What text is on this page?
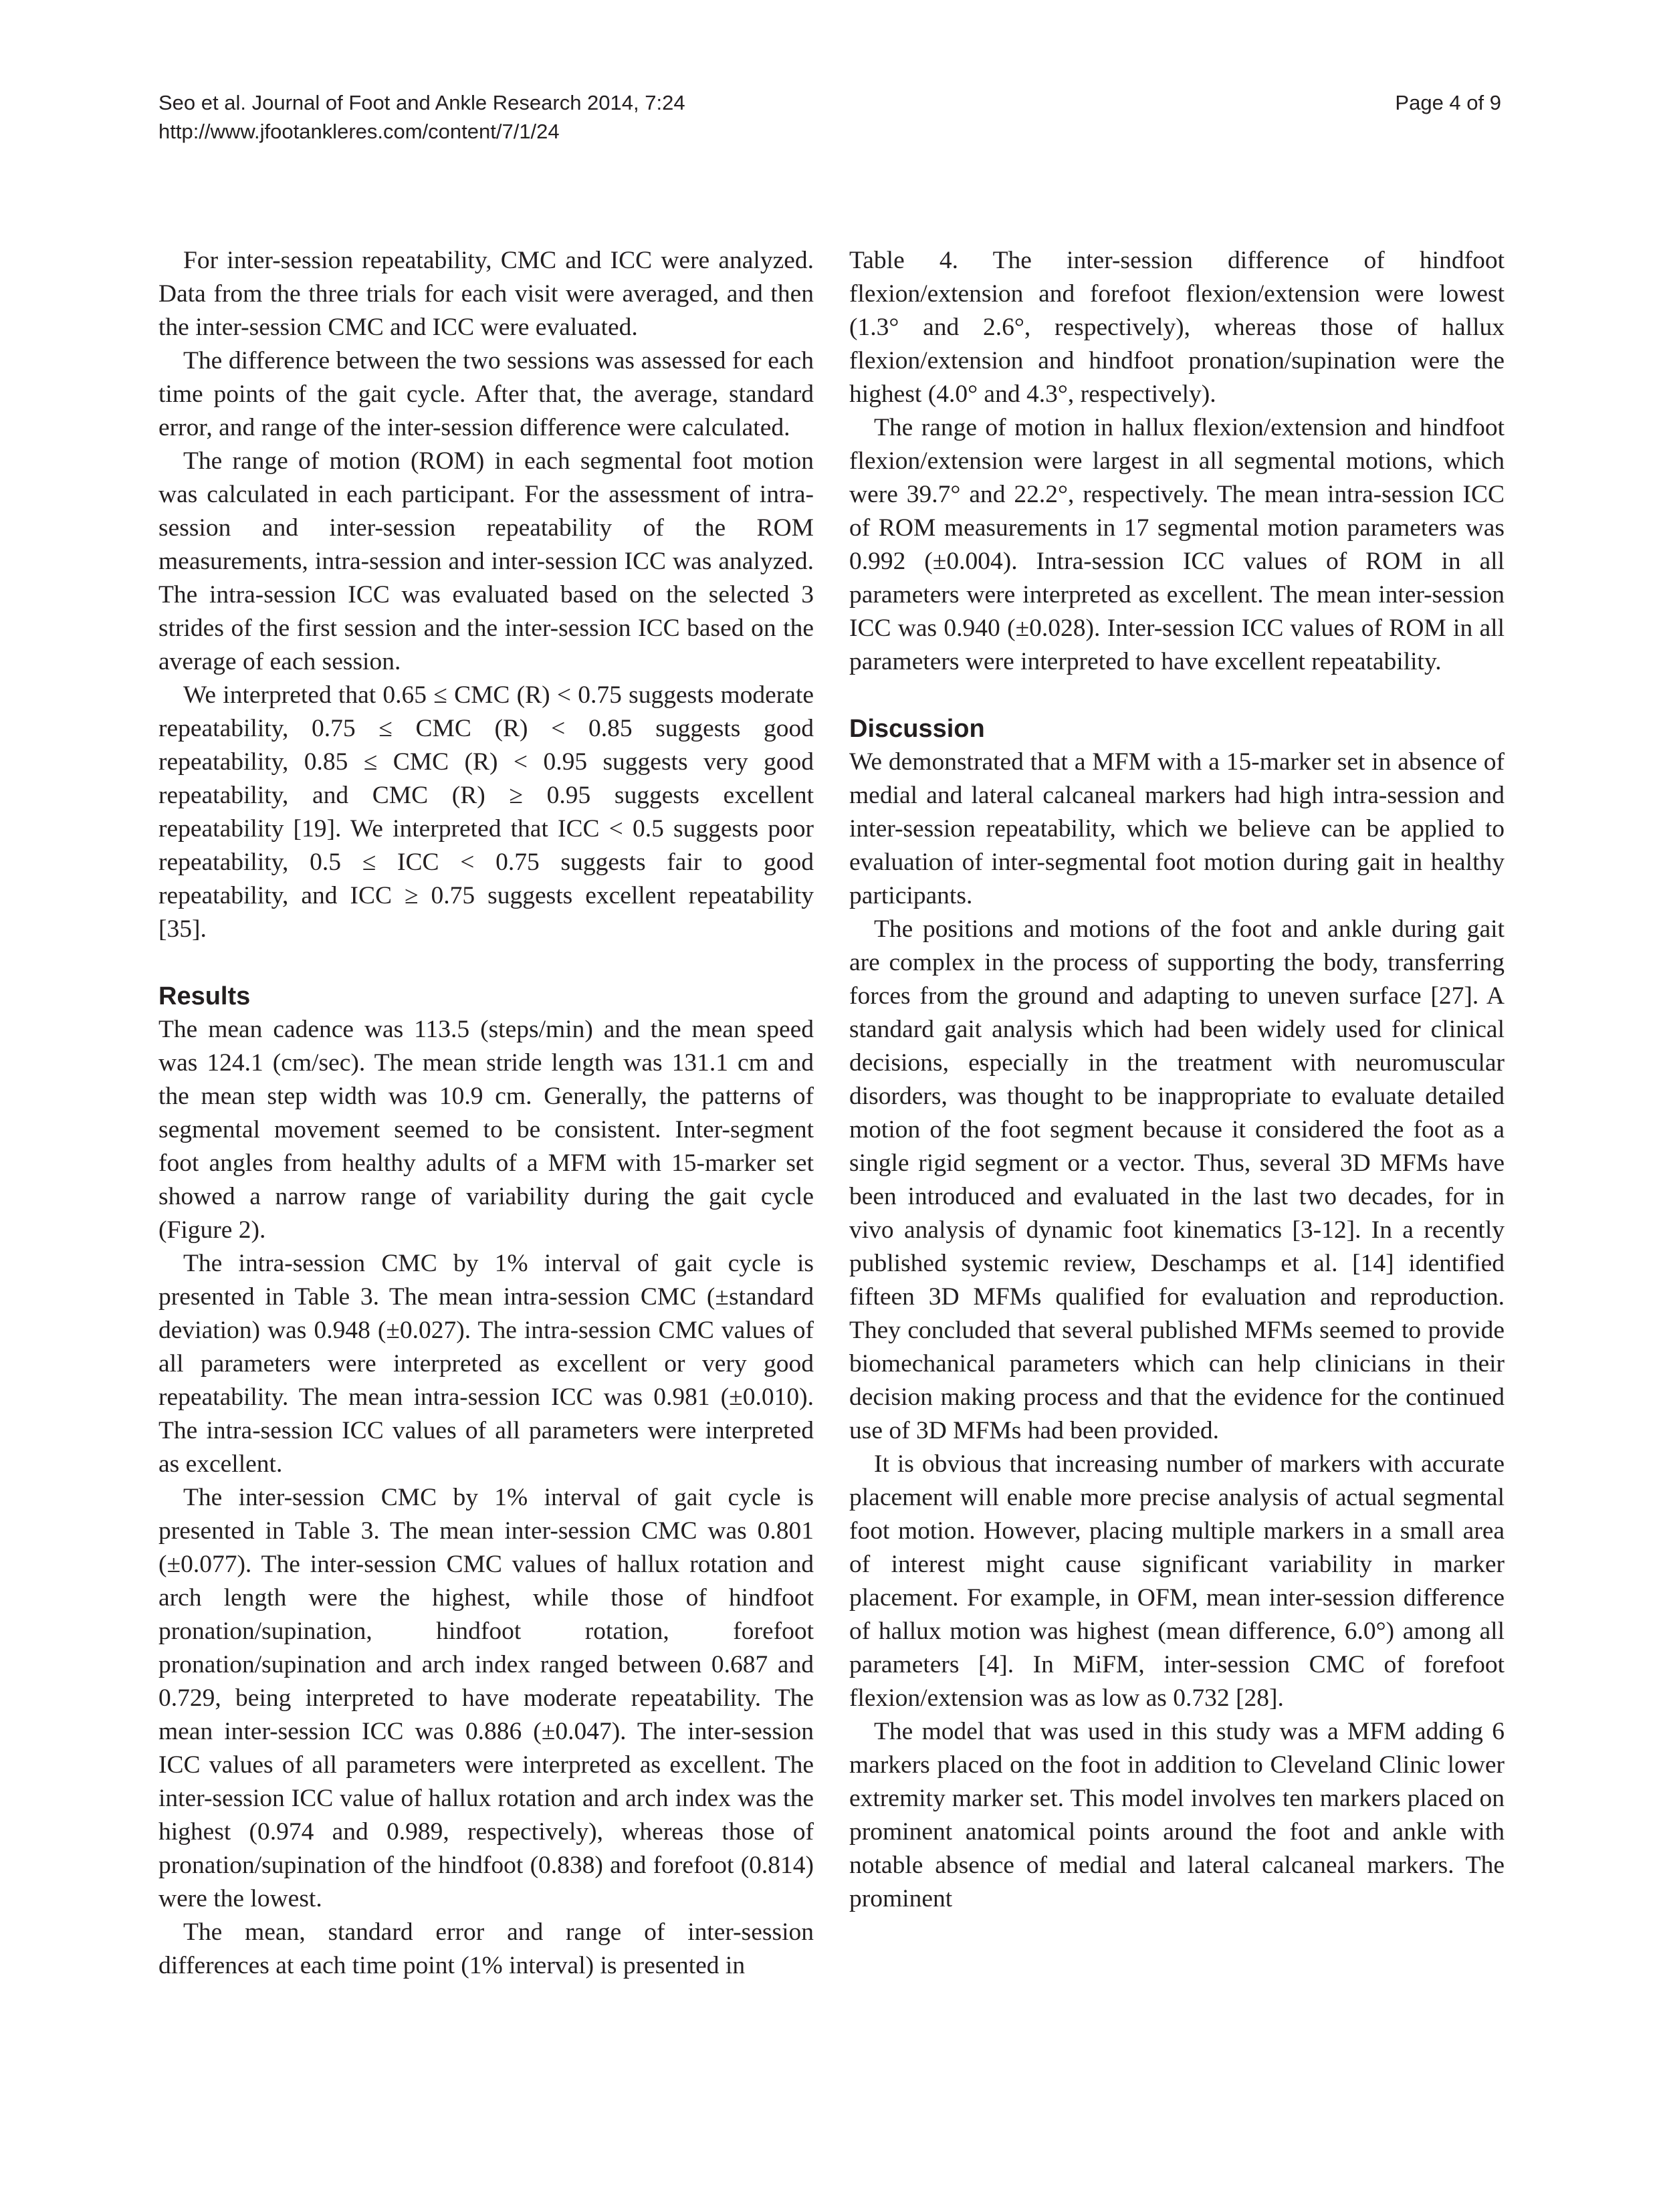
Seo et al. Journal of Foot and Ankle Research 2014, 7:24
http://www.jfootankleres.com/content/7/1/24
Page 4 of 9

For inter-session repeatability, CMC and ICC were analyzed. Data from the three trials for each visit were averaged, and then the inter-session CMC and ICC were evaluated.

The difference between the two sessions was assessed for each time points of the gait cycle. After that, the average, standard error, and range of the inter-session difference were calculated.

The range of motion (ROM) in each segmental foot motion was calculated in each participant. For the assessment of intra-session and inter-session repeatability of the ROM measurements, intra-session and inter-session ICC was analyzed. The intra-session ICC was evaluated based on the selected 3 strides of the first session and the inter-session ICC based on the average of each session.

We interpreted that 0.65 ≤ CMC (R) < 0.75 suggests moderate repeatability, 0.75 ≤ CMC (R) < 0.85 suggests good repeatability, 0.85 ≤ CMC (R) < 0.95 suggests very good repeatability, and CMC (R) ≥ 0.95 suggests excellent repeatability [19]. We interpreted that ICC < 0.5 suggests poor repeatability, 0.5 ≤ ICC < 0.75 suggests fair to good repeatability, and ICC ≥ 0.75 suggests excellent repeatability [35].

Results

The mean cadence was 113.5 (steps/min) and the mean speed was 124.1 (cm/sec). The mean stride length was 131.1 cm and the mean step width was 10.9 cm. Generally, the patterns of segmental movement seemed to be consistent. Inter-segment foot angles from healthy adults of a MFM with 15-marker set showed a narrow range of variability during the gait cycle (Figure 2).

The intra-session CMC by 1% interval of gait cycle is presented in Table 3. The mean intra-session CMC (±standard deviation) was 0.948 (±0.027). The intra-session CMC values of all parameters were interpreted as excellent or very good repeatability. The mean intra-session ICC was 0.981 (±0.010). The intra-session ICC values of all parameters were interpreted as excellent.

The inter-session CMC by 1% interval of gait cycle is presented in Table 3. The mean inter-session CMC was 0.801 (±0.077). The inter-session CMC values of hallux rotation and arch length were the highest, while those of hindfoot pronation/supination, hindfoot rotation, forefoot pronation/supination and arch index ranged between 0.687 and 0.729, being interpreted to have moderate repeatability. The mean inter-session ICC was 0.886 (±0.047). The inter-session ICC values of all parameters were interpreted as excellent. The inter-session ICC value of hallux rotation and arch index was the highest (0.974 and 0.989, respectively), whereas those of pronation/supination of the hindfoot (0.838) and forefoot (0.814) were the lowest.

The mean, standard error and range of inter-session differences at each time point (1% interval) is presented in

Table 4. The inter-session difference of hindfoot flexion/extension and forefoot flexion/extension were lowest (1.3° and 2.6°, respectively), whereas those of hallux flexion/extension and hindfoot pronation/supination were the highest (4.0° and 4.3°, respectively).

The range of motion in hallux flexion/extension and hindfoot flexion/extension were largest in all segmental motions, which were 39.7° and 22.2°, respectively. The mean intra-session ICC of ROM measurements in 17 segmental motion parameters was 0.992 (±0.004). Intra-session ICC values of ROM in all parameters were interpreted as excellent. The mean inter-session ICC was 0.940 (±0.028). Inter-session ICC values of ROM in all parameters were interpreted to have excellent repeatability.

Discussion

We demonstrated that a MFM with a 15-marker set in absence of medial and lateral calcaneal markers had high intra-session and inter-session repeatability, which we believe can be applied to evaluation of inter-segmental foot motion during gait in healthy participants.

The positions and motions of the foot and ankle during gait are complex in the process of supporting the body, transferring forces from the ground and adapting to uneven surface [27]. A standard gait analysis which had been widely used for clinical decisions, especially in the treatment with neuromuscular disorders, was thought to be inappropriate to evaluate detailed motion of the foot segment because it considered the foot as a single rigid segment or a vector. Thus, several 3D MFMs have been introduced and evaluated in the last two decades, for in vivo analysis of dynamic foot kinematics [3-12]. In a recently published systemic review, Deschamps et al. [14] identified fifteen 3D MFMs qualified for evaluation and reproduction. They concluded that several published MFMs seemed to provide biomechanical parameters which can help clinicians in their decision making process and that the evidence for the continued use of 3D MFMs had been provided.

It is obvious that increasing number of markers with accurate placement will enable more precise analysis of actual segmental foot motion. However, placing multiple markers in a small area of interest might cause significant variability in marker placement. For example, in OFM, mean inter-session difference of hallux motion was highest (mean difference, 6.0°) among all parameters [4]. In MiFM, inter-session CMC of forefoot flexion/extension was as low as 0.732 [28].

The model that was used in this study was a MFM adding 6 markers placed on the foot in addition to Cleveland Clinic lower extremity marker set. This model involves ten markers placed on prominent anatomical points around the foot and ankle with notable absence of medial and lateral calcaneal markers. The prominent
